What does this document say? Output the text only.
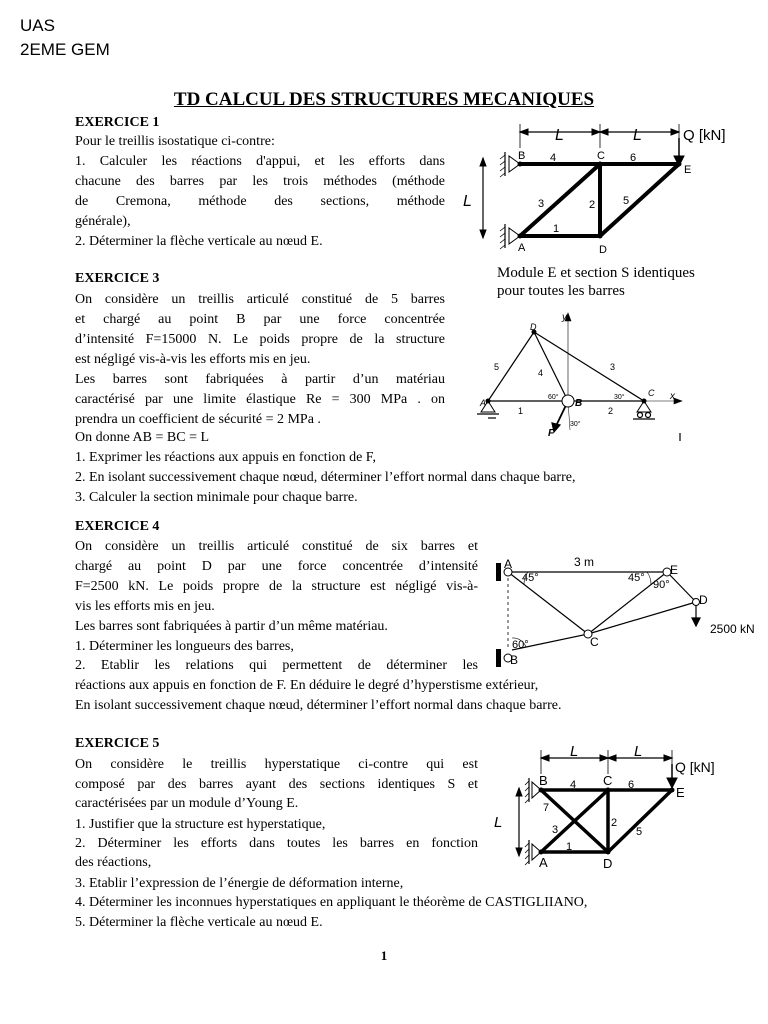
UAS
2EME GEM
TD CALCUL DES STRUCTURES MECANIQUES
EXERCICE 1
Pour le treillis isostatique ci-contre:
1. Calculer les réactions d'appui, et les efforts dans
chacune des barres par les trois méthodes (méthode
de Cremona, méthode des sections, méthode
générale),
2. Déterminer la flèche verticale au nœud E.
L	L	Q [kN]
L
B	C
E
A	D
4	6
3	2	5
1
Module E et section S identiques
pour toutes les barres
EXERCICE 3
On considère un treillis articulé constitué de 5 barres
et chargé au point B par une force concentrée
d’intensité F=15000 N. Le poids propre de la structure
est négligé vis-à-vis les efforts mis en jeu.
Les barres sont fabriquées à partir d’un matériau
caractérisé par une limite élastique Re = 300 MPa . on
prendra un coefficient de sécurité = 2 MPa .
On donne AB = BC = L
1. Exprimer les réactions aux appuis en fonction de F,
2. En isolant successivement chaque nœud, déterminer l’effort normal dans chaque barre,
3. Calculer la section minimale pour chaque barre.
D
A	B
C
5
4
3
1	2
y
x
60°	30°
30°
F
EXERCICE 4
On considère un treillis articulé constitué de six barres et
chargé au point D par une force concentrée d’intensité
F=2500 kN. Le poids propre de la structure est négligé vis-à-
vis les efforts mis en jeu.
Les barres sont fabriquées à partir d’un même matériau.
1. Déterminer les longueurs des barres,
2. Etablir les relations qui permettent de déterminer les
réactions aux appuis en fonction de F. En déduire le degré d’hyperstisme extérieur,
En isolant successivement chaque nœud, déterminer l’effort normal dans chaque barre.
3 m
2500 kN
A	E
D
C
B
45°	45°
90°
60°
EXERCICE 5
On considère le treillis hyperstatique ci-contre qui est
composé par des barres ayant des sections identiques S et
caractérisées par un module d’Young E.
1. Justifier que la structure est hyperstatique,
2. Déterminer les efforts dans toutes les barres en fonction
des réactions,
3. Etablir l’expression de l’énergie de déformation interne,
4. Déterminer les inconnues hyperstatiques en appliquant le théorème de CASTIGLIIANO,
5. Déterminer la flèche verticale au nœud E.
L	L
Q [kN]
L
B	C
E
A	D
4	6
7
3
2
5
1
1
